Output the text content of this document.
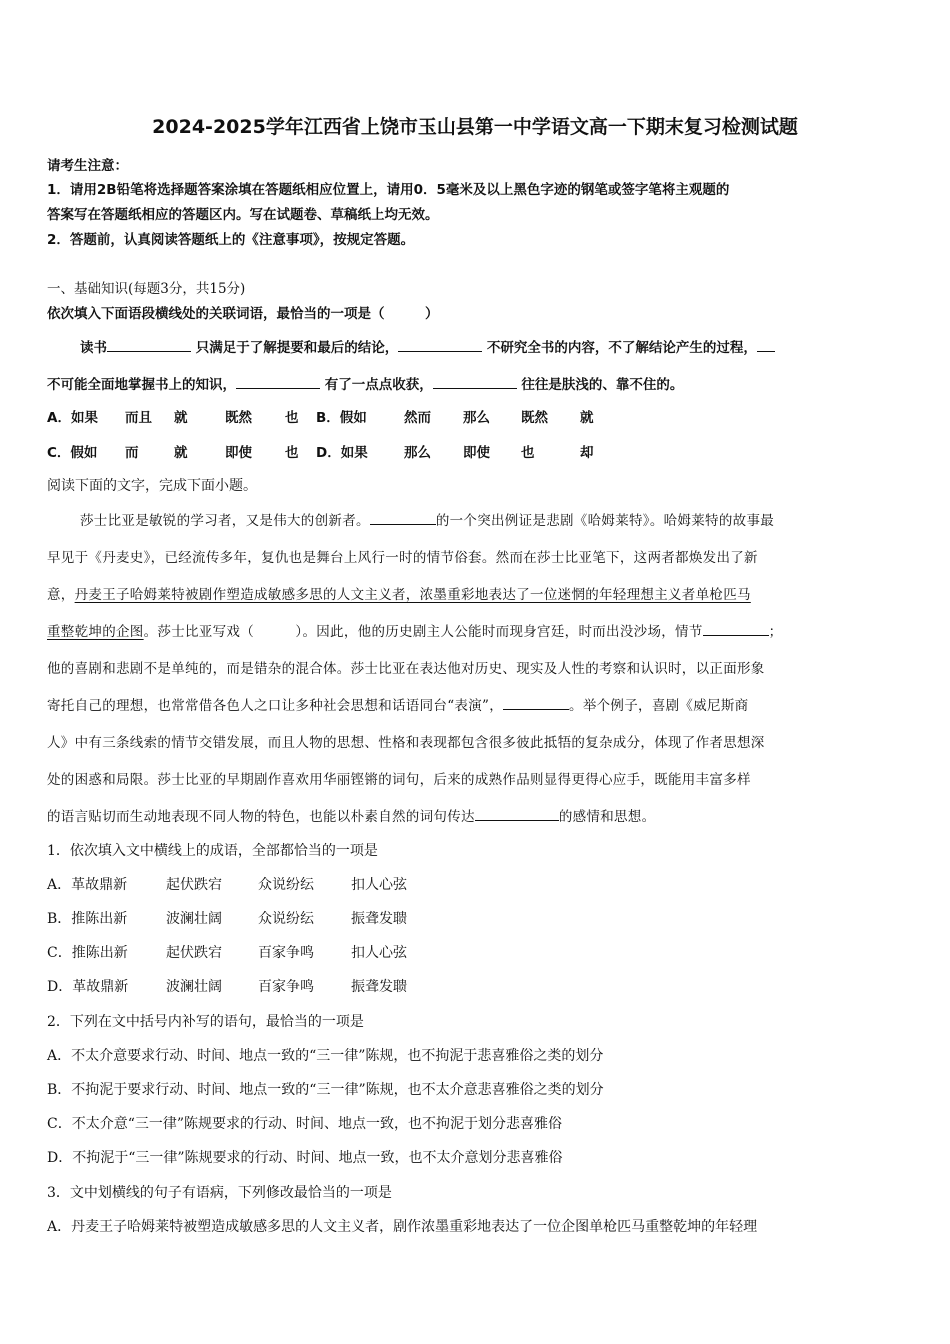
2024-2025学年江西省上饶市玉山县第一中学语文高一下期末复习检测试题
请考生注意：
1．请用2B铅笔将选择题答案涂填在答题纸相应位置上，请用0．5毫米及以上黑色字迹的钢笔或签字笔将主观题的
答案写在答题纸相应的答题区内。写在试题卷、草稿纸上均无效。
2．答题前，认真阅读答题纸上的《注意事项》，按规定答题。
一、基础知识(每题3分，共15分)
依次填入下面语段横线处的关联词语，最恰当的一项是（　　　）
读书	只满足于了解提要和最后的结论，	不研究全书的内容，不了解结论产生的过程，
不可能全面地掌握书上的知识，	有了一点点收获，	往往是肤浅的、靠不住的。
A．如果 而且 就	既然 也 B．假如	然而 那么 既然 就
C．假如 而	就	即使 也 D．如果	那么 即使 也	却
阅读下面的文字，完成下面小题。
莎士比亚是敏锐的学习者，又是伟大的创新者。	的一个突出例证是悲剧《哈姆莱特》。哈姆莱特的故事最
早见于《丹麦史》，已经流传多年，复仇也是舞台上风行一时的情节俗套。然而在莎士比亚笔下，这两者都焕发出了新
意，丹麦王子哈姆莱特被剧作塑造成敏感多思的人文主义者，浓墨重彩地表达了一位迷惘的年轻理想主义者单枪匹马
重整乾坤的企图。莎士比亚写戏（　　　）。因此，他的历史剧主人公能时而现身宫廷，时而出没沙场，情节	；
他的喜剧和悲剧不是单纯的，而是错杂的混合体。莎士比亚在表达他对历史、现实及人性的考察和认识时，以正面形象
寄托自己的理想，也常常借各色人之口让多种社会思想和话语同台“表演”，	。举个例子，喜剧《威尼斯商
人》中有三条线索的情节交错发展，而且人物的思想、性格和表现都包含很多彼此抵牾的复杂成分，体现了作者思想深
处的困惑和局限。莎士比亚的早期剧作喜欢用华丽铿锵的词句，后来的成熟作品则显得更得心应手，既能用丰富多样
的语言贴切而生动地表现不同人物的特色，也能以朴素自然的词句传达	的感情和思想。
1．依次填入文中横线上的成语，全部都恰当的一项是
A．革故鼎新	起伏跌宕	众说纷纭	扣人心弦
B．推陈出新	波澜壮阔	众说纷纭	振聋发聩
C．推陈出新	起伏跌宕	百家争鸣	扣人心弦
D．革故鼎新	波澜壮阔	百家争鸣	振聋发聩
2．下列在文中括号内补写的语句，最恰当的一项是
A．不太介意要求行动、时间、地点一致的“三一律”陈规，也不拘泥于悲喜雅俗之类的划分
B．不拘泥于要求行动、时间、地点一致的“三一律”陈规，也不太介意悲喜雅俗之类的划分
C．不太介意“三一律”陈规要求的行动、时间、地点一致，也不拘泥于划分悲喜雅俗
D．不拘泥于“三一律”陈规要求的行动、时间、地点一致，也不太介意划分悲喜雅俗
3．文中划横线的句子有语病，下列修改最恰当的一项是
A．丹麦王子哈姆莱特被塑造成敏感多思的人文主义者，剧作浓墨重彩地表达了一位企图单枪匹马重整乾坤的年轻理
